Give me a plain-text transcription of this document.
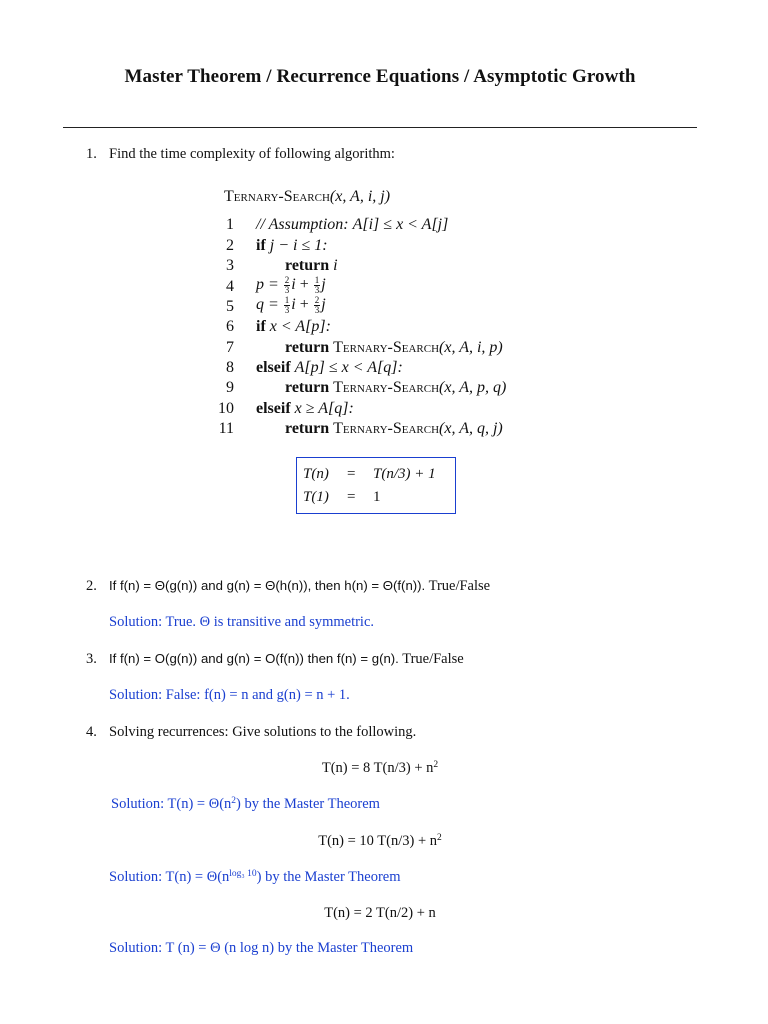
Master Theorem / Recurrence Equations / Asymptotic Growth
1. Find the time complexity of following algorithm:
Ternary-Search(x, A, i, j)
1 // Assumption: A[i] ≤ x < A[j]
2 if j − i ≤ 1:
3	return i
4 $p = \frac{2}{3}$ $i + \frac{1}{3}$ j
5 $q = \frac{1}{3}$ $i + \frac{2}{3}$ j
6 if x < A[p]:
7	return Ternary-Search(x, A, i, p)
8 elseif A[p] ≤ x < A[q]:
9	return Ternary-Search(x, A, p, q)
10 elseif x ≥ A[q]:
11	return Ternary-Search(x, A, q, j)
T(n) = T(n/3) + 1
T(1) = 1
2. If f(n) = Θ(g(n)) and g(n) = Θ(h(n)), then h(n) = Θ(f(n)). True/False
Solution: True. Θ is transitive and symmetric.
3. If f(n) = O(g(n)) and g(n) = O(f(n)) then f(n) = g(n). True/False
Solution: False: f(n) = n and g(n) = n + 1.
4. Solving recurrences: Give solutions to the following.
T(n) = 8 $T(n/3) + n^2$
Solution: $T(n) = \Theta(n^2)$ by the Master Theorem
T(n) = 10 $T(n/3) + n^2$
Solution: $T(n) = \Theta(n^{log_3 10})$ by the Master Theorem
T(n) = 2 T(n/2) + n
Solution: T (n) = Θ (n log n) by the Master Theorem
